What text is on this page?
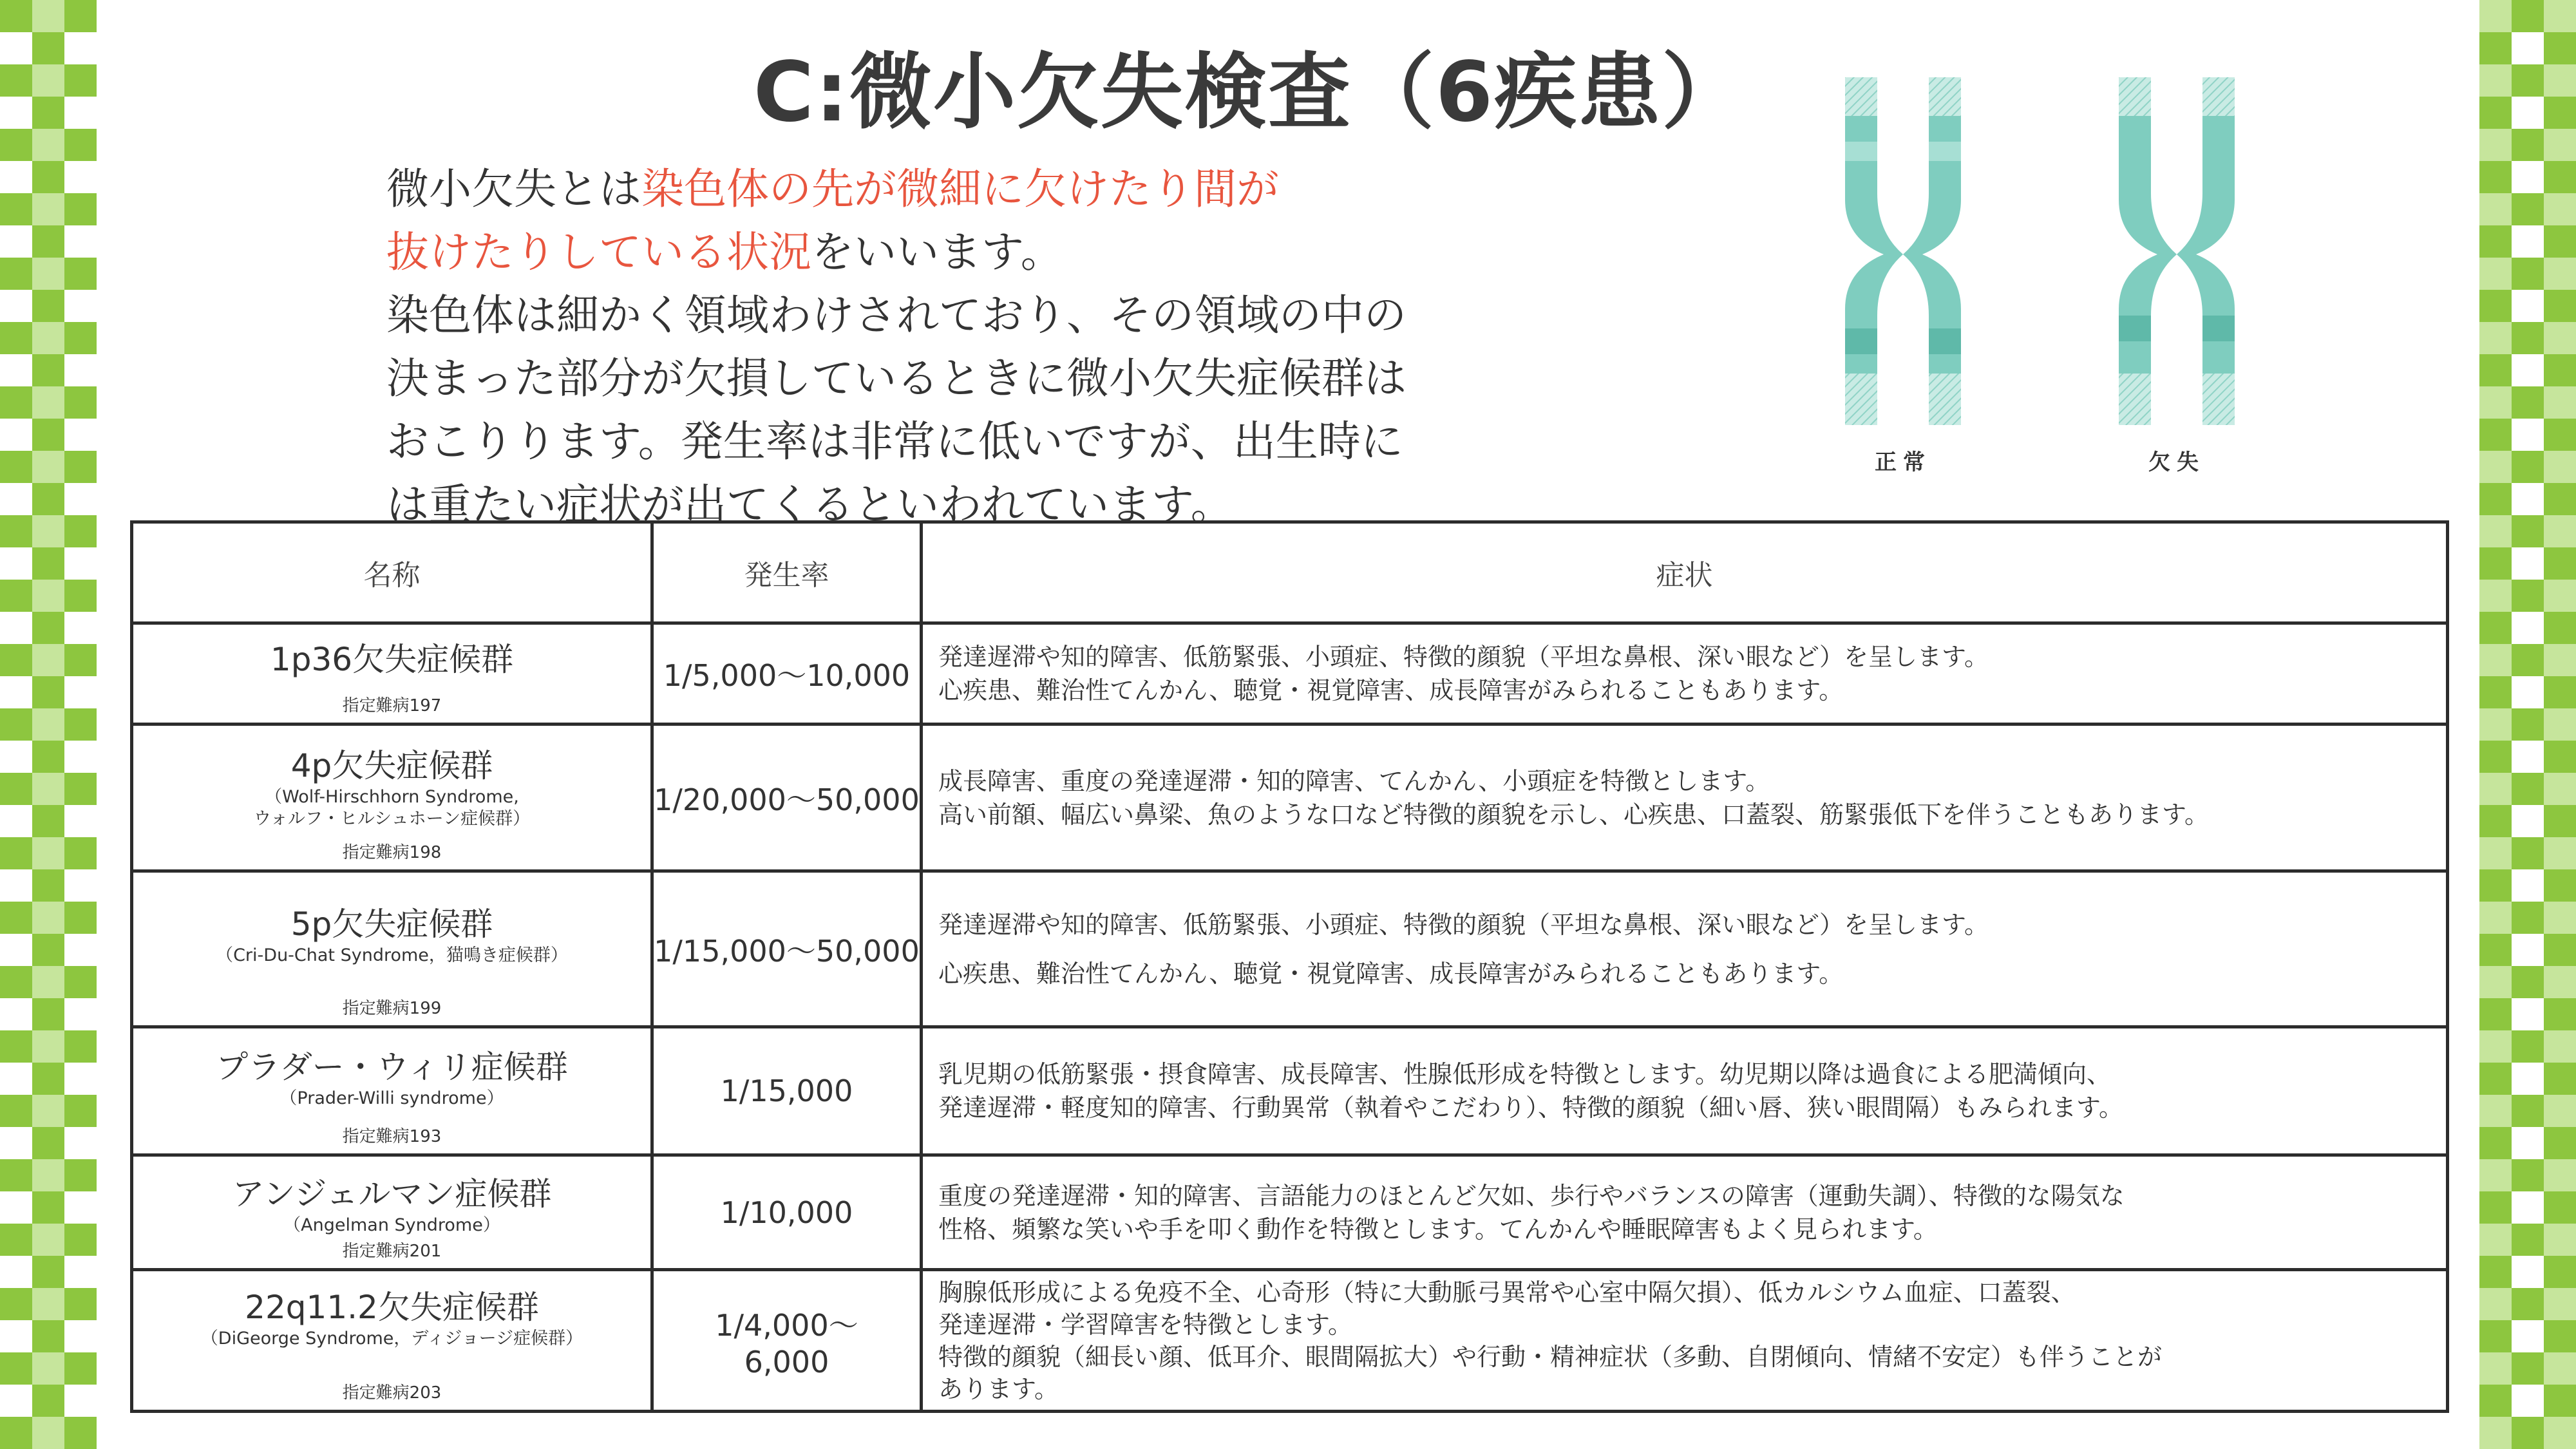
C:微小欠失検査（6疾患）
微小欠失とは染色体の先が微細に欠けたり間が
抜けたりしている状況をいいます。
染色体は細かく領域わけされており、その領域の中の
決まった部分が欠損しているときに微小欠失症候群は
おこりります。発生率は非常に低いですが、出生時に
は重たい症状が出てくるといわれています。
正常	欠失
名称	発生率	症状

1p36欠失症候群
指定難病197	1/5,000〜10,000	発達遅滞や知的障害、低筋緊張、小頭症、特徴的顔貌（平坦な鼻根、深い眼など）を呈します。
心疾患、難治性てんかん、聴覚・視覚障害、成長障害がみられることもあります。

4p欠失症候群
（Wolf-Hirschhorn Syndrome,
ウォルフ・ヒルシュホーン症候群）
指定難病198	1/20,000〜50,000	成長障害、重度の発達遅滞・知的障害、てんかん、小頭症を特徴とします。
高い前額、幅広い鼻梁、魚のような口など特徴的顔貌を示し、心疾患、口蓋裂、筋緊張低下を伴うこともあります。

5p欠失症候群
（Cri-Du-Chat Syndrome，猫鳴き症候群）
指定難病199	1/15,000〜50,000	発達遅滞や知的障害、低筋緊張、小頭症、特徴的顔貌（平坦な鼻根、深い眼など）を呈します。
心疾患、難治性てんかん、聴覚・視覚障害、成長障害がみられることもあります。

プラダー・ウィリ症候群
（Prader-Willi syndrome）
指定難病193	1/15,000	乳児期の低筋緊張・摂食障害、成長障害、性腺低形成を特徴とします。幼児期以降は過食による肥満傾向、
発達遅滞・軽度知的障害、行動異常（執着やこだわり）、特徴的顔貌（細い唇、狭い眼間隔）もみられます。

アンジェルマン症候群
（Angelman Syndrome）
指定難病201	1/10,000	重度の発達遅滞・知的障害、言語能力のほとんど欠如、歩行やバランスの障害（運動失調）、特徴的な陽気な
性格、頻繁な笑いや手を叩く動作を特徴とします。てんかんや睡眠障害もよく見られます。

22q11.2欠失症候群
（DiGeorge Syndrome，ディジョージ症候群）
指定難病203	1/4,000〜
6,000	胸腺低形成による免疫不全、心奇形（特に大動脈弓異常や心室中隔欠損）、低カルシウム血症、口蓋裂、
発達遅滞・学習障害を特徴とします。
特徴的顔貌（細長い顔、低耳介、眼間隔拡大）や行動・精神症状（多動、自閉傾向、情緒不安定）も伴うことが
あります。
